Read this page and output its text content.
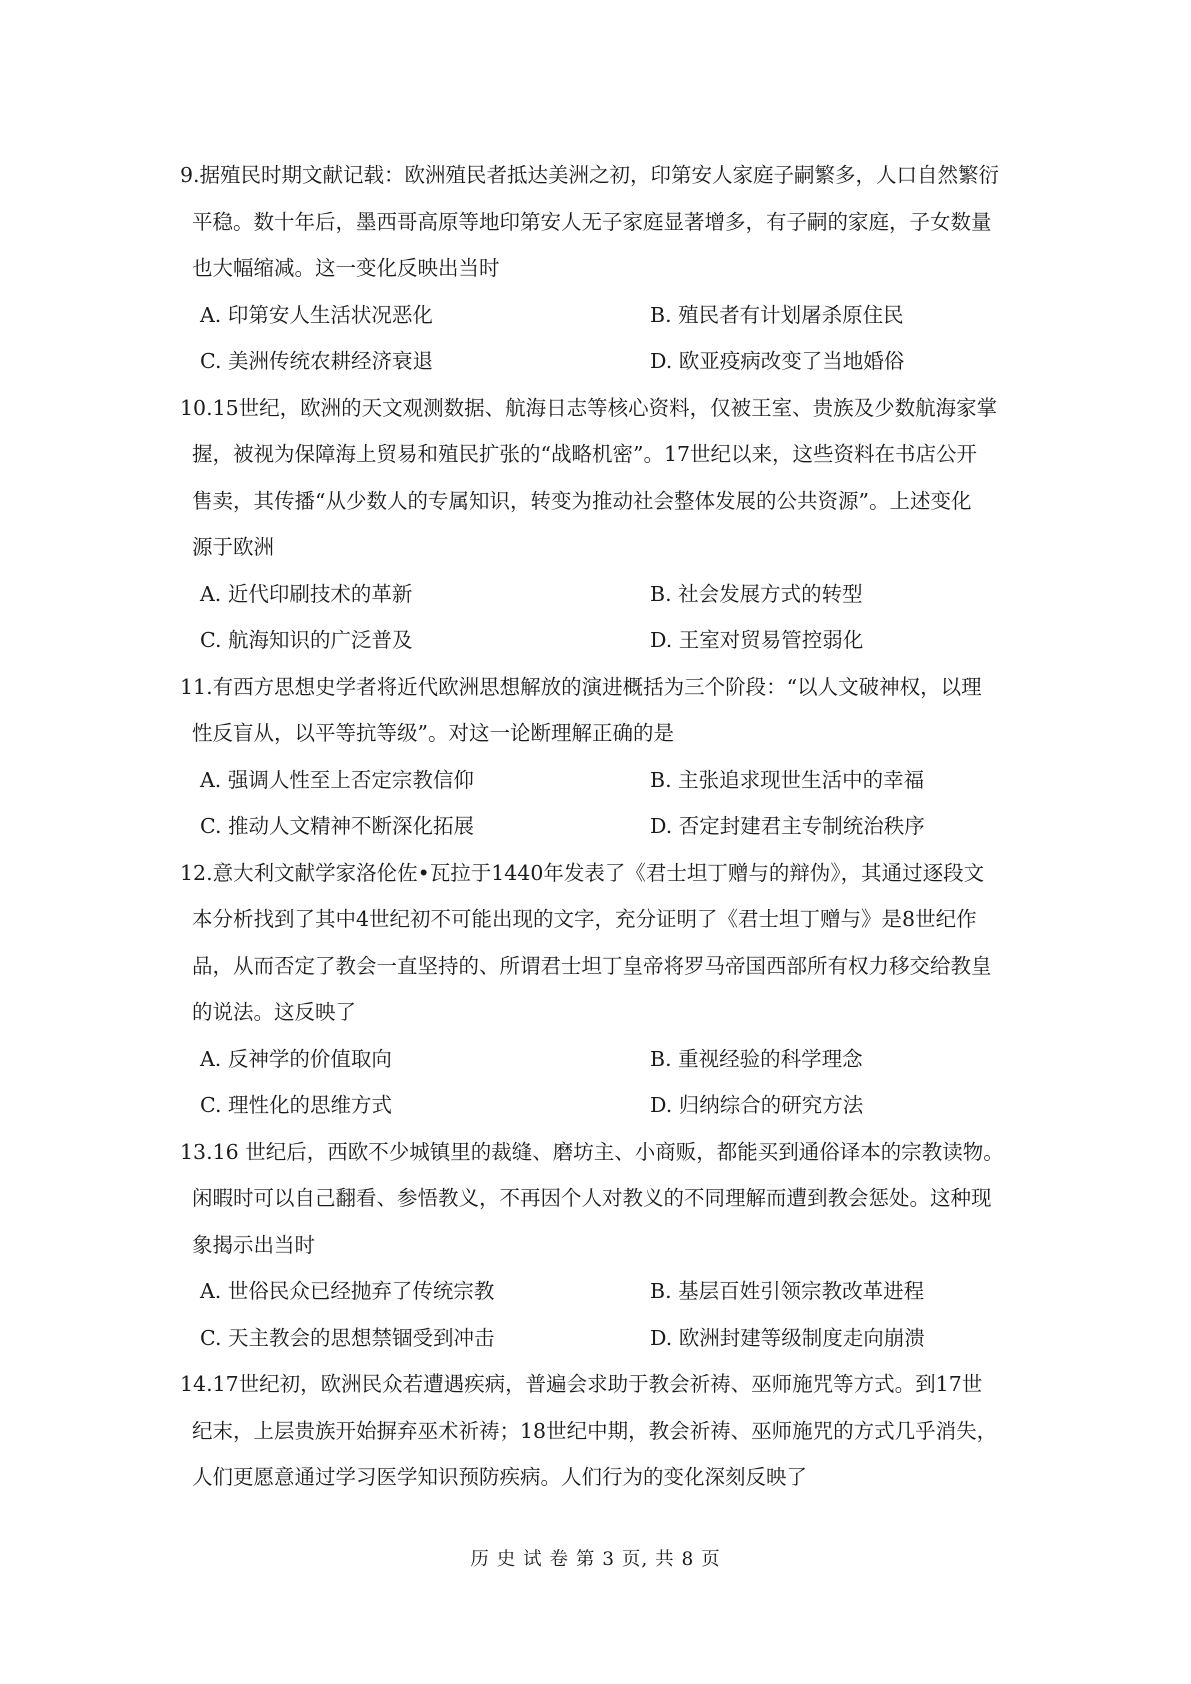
9.据殖民时期文献记载：欧洲殖民者抵达美洲之初，印第安人家庭子嗣繁多，人口自然繁衍
平稳。数十年后，墨西哥高原等地印第安人无子家庭显著增多，有子嗣的家庭，子女数量
也大幅缩减。这一变化反映出当时
A. 印第安人生活状况恶化	B. 殖民者有计划屠杀原住民
C. 美洲传统农耕经济衰退	D. 欧亚疫病改变了当地婚俗
10.15世纪，欧洲的天文观测数据、航海日志等核心资料，仅被王室、贵族及少数航海家掌
握，被视为保障海上贸易和殖民扩张的“战略机密”。17世纪以来，这些资料在书店公开
售卖，其传播“从少数人的专属知识，转变为推动社会整体发展的公共资源”。上述变化
源于欧洲
A. 近代印刷技术的革新	B. 社会发展方式的转型
C. 航海知识的广泛普及	D. 王室对贸易管控弱化
11.有西方思想史学者将近代欧洲思想解放的演进概括为三个阶段：“以人文破神权，以理
性反盲从，以平等抗等级”。对这一论断理解正确的是
A. 强调人性至上否定宗教信仰	B. 主张追求现世生活中的幸福
C. 推动人文精神不断深化拓展	D. 否定封建君主专制统治秩序
12.意大利文献学家洛伦佐•瓦拉于1440年发表了《君士坦丁赠与的辩伪》，其通过逐段文
本分析找到了其中4世纪初不可能出现的文字，充分证明了《君士坦丁赠与》是8世纪作
品，从而否定了教会一直坚持的、所谓君士坦丁皇帝将罗马帝国西部所有权力移交给教皇
的说法。这反映了
A. 反神学的价值取向	B. 重视经验的科学理念
C. 理性化的思维方式	D. 归纳综合的研究方法
13.16 世纪后，西欧不少城镇里的裁缝、磨坊主、小商贩，都能买到通俗译本的宗教读物。
闲暇时可以自己翻看、参悟教义，不再因个人对教义的不同理解而遭到教会惩处。这种现
象揭示出当时
A. 世俗民众已经抛弃了传统宗教	B. 基层百姓引领宗教改革进程
C. 天主教会的思想禁锢受到冲击	D. 欧洲封建等级制度走向崩溃
14.17世纪初，欧洲民众若遭遇疾病，普遍会求助于教会祈祷、巫师施咒等方式。到17世
纪末，上层贵族开始摒弃巫术祈祷；18世纪中期，教会祈祷、巫师施咒的方式几乎消失，
人们更愿意通过学习医学知识预防疾病。人们行为的变化深刻反映了
历 史 试 卷 第 3 页, 共 8 页
